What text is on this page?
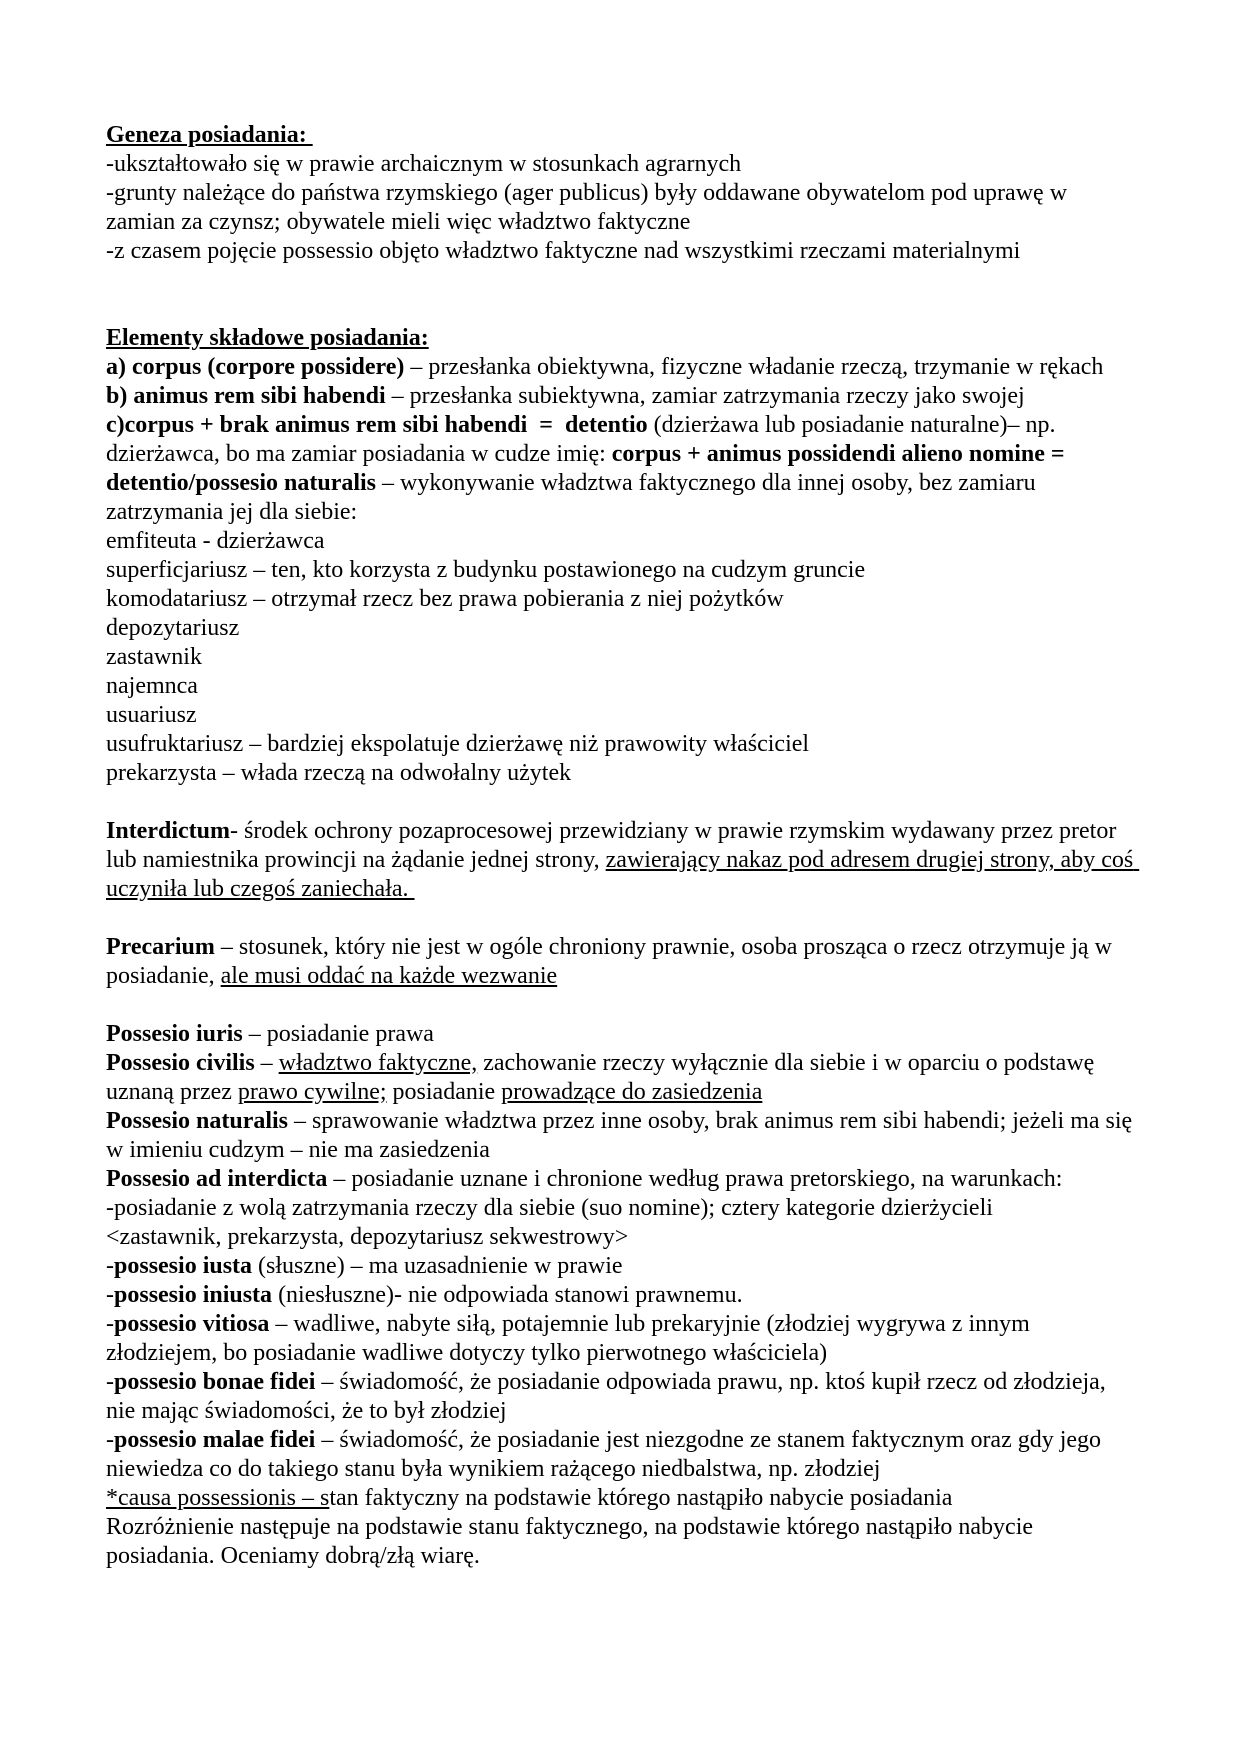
Geneza posiadania:

-ukształtowało się w prawie archaicznym w stosunkach agrarnych

-grunty należące do państwa rzymskiego (ager publicus) były oddawane obywatelom pod uprawę w zamian za czynsz; obywatele mieli więc władztwo faktyczne

-z czasem pojęcie possessio objęto władztwo faktyczne nad wszystkimi rzeczami materialnymi

Elementy składowe posiadania:

a) corpus (corpore possidere) – przesłanka obiektywna, fizyczne władanie rzeczą, trzymanie w rękach

b) animus rem sibi habendi – przesłanka subiektywna, zamiar zatrzymania rzeczy jako swojej

c)corpus + brak animus rem sibi habendi  =  detentio (dzierżawa lub posiadanie naturalne)– np. dzierżawca, bo ma zamiar posiadania w cudze imię: corpus + animus possidendi alieno nomine = detentio/possesio naturalis – wykonywanie władztwa faktycznego dla innej osoby, bez zamiaru zatrzymania jej dla siebie:

emfiteuta - dzierżawca

superficjariusz – ten, kto korzysta z budynku postawionego na cudzym gruncie

komodatariusz – otrzymał rzecz bez prawa pobierania z niej pożytków

depozytariusz

zastawnik

najemnca

usuariusz

usufruktariusz – bardziej ekspolatuje dzierżawę niż prawowity właściciel

prekarzysta – włada rzeczą na odwołalny użytek

Interdictum- środek ochrony pozaprocesowej przewidziany w prawie rzymskim wydawany przez pretor lub namiestnika prowincji na żądanie jednej strony, zawierający nakaz pod adresem drugiej strony, aby coś uczyniła lub czegoś zaniechała.

Precarium – stosunek, który nie jest w ogóle chroniony prawnie, osoba prosząca o rzecz otrzymuje ją w posiadanie, ale musi oddać na każde wezwanie

Possesio iuris – posiadanie prawa

Possesio civilis – władztwo faktyczne, zachowanie rzeczy wyłącznie dla siebie i w oparciu o podstawę uznaną przez prawo cywilne; posiadanie prowadzące do zasiedzenia

Possesio naturalis – sprawowanie władztwa przez inne osoby, brak animus rem sibi habendi; jeżeli ma się w imieniu cudzym – nie ma zasiedzenia

Possesio ad interdicta – posiadanie uznane i chronione według prawa pretorskiego, na warunkach:

-posiadanie z wolą zatrzymania rzeczy dla siebie (suo nomine); cztery kategorie dzierżycieli

<zastawnik, prekarzysta, depozytariusz sekwestrowy>

-possesio iusta (słuszne) – ma uzasadnienie w prawie

-possesio iniusta (niesłuszne)- nie odpowiada stanowi prawnemu.

-possesio vitiosa – wadliwe, nabyte siłą, potajemnie lub prekaryjnie (złodziej wygrywa z innym złodziejem, bo posiadanie wadliwe dotyczy tylko pierwotnego właściciela)

-possesio bonae fidei – świadomość, że posiadanie odpowiada prawu, np. ktoś kupił rzecz od złodzieja, nie mając świadomości, że to był złodziej

-possesio malae fidei – świadomość, że posiadanie jest niezgodne ze stanem faktycznym oraz gdy jego niewiedza co do takiego stanu była wynikiem rażącego niedbalstwa, np. złodziej

*causa possessionis – stan faktyczny na podstawie którego nastąpiło nabycie posiadania

Rozróżnienie następuje na podstawie stanu faktycznego, na podstawie którego nastąpiło nabycie posiadania. Oceniamy dobrą/złą wiarę.
